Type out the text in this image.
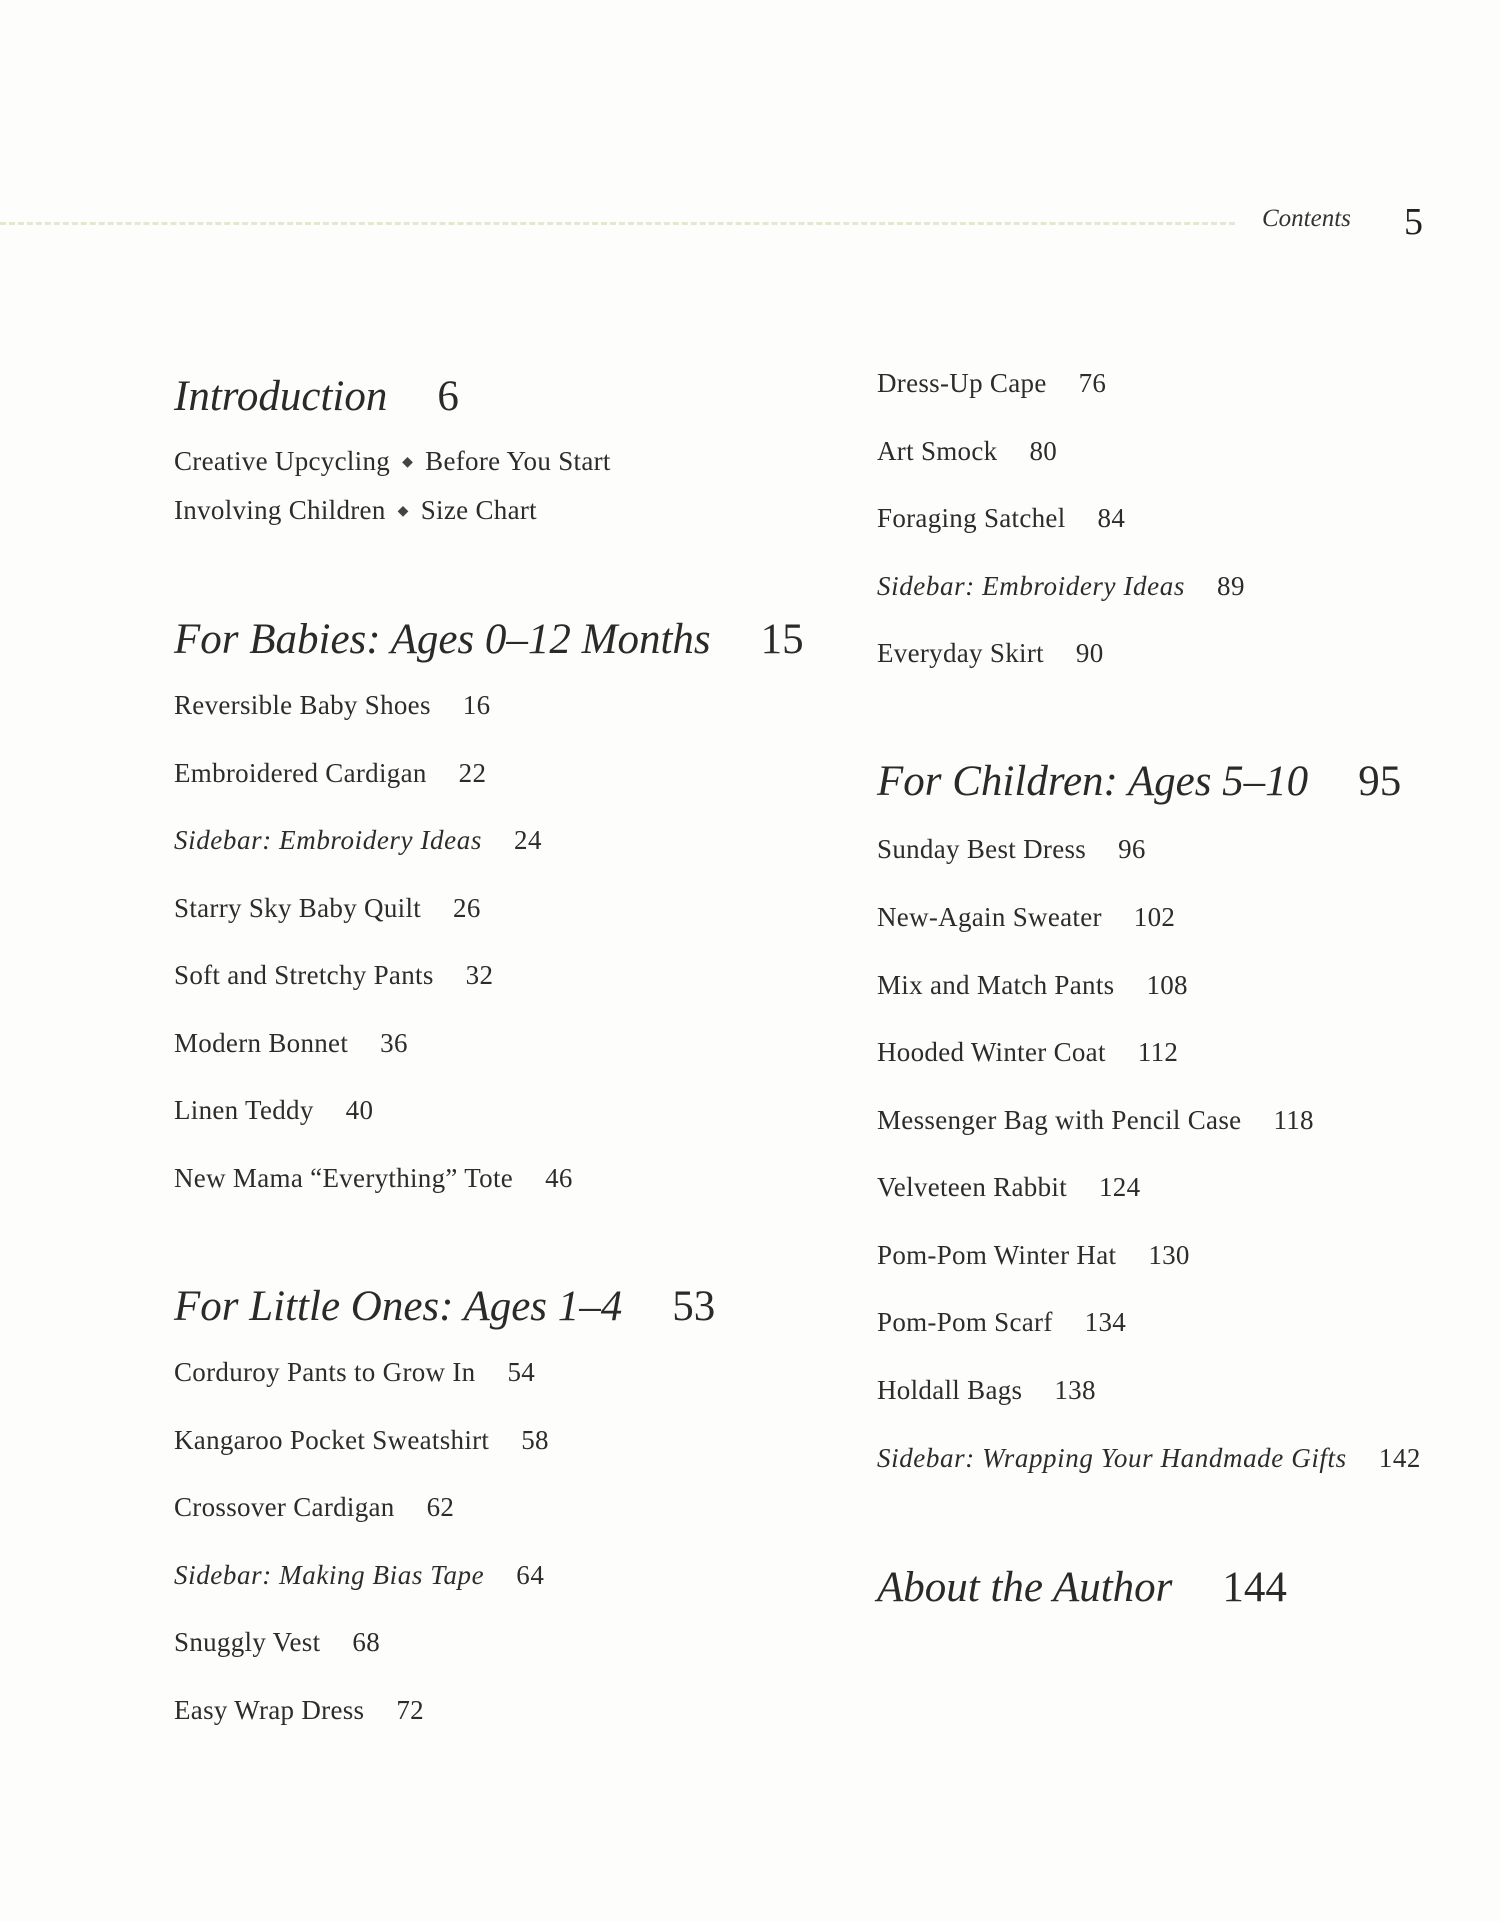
Contents 5
Introduction 6
Creative Upcycling ◆ Before You Start
Involving Children ◆ Size Chart
For Babies: Ages 0–12 Months 15
Reversible Baby Shoes 16
Embroidered Cardigan 22
Sidebar: Embroidery Ideas 24
Starry Sky Baby Quilt 26
Soft and Stretchy Pants 32
Modern Bonnet 36
Linen Teddy 40
New Mama “Everything” Tote 46
For Little Ones: Ages 1–4 53
Corduroy Pants to Grow In 54
Kangaroo Pocket Sweatshirt 58
Crossover Cardigan 62
Sidebar: Making Bias Tape 64
Snuggly Vest 68
Easy Wrap Dress 72
Dress-Up Cape 76
Art Smock 80
Foraging Satchel 84
Sidebar: Embroidery Ideas 89
Everyday Skirt 90
For Children: Ages 5–10 95
Sunday Best Dress 96
New-Again Sweater 102
Mix and Match Pants 108
Hooded Winter Coat 112
Messenger Bag with Pencil Case 118
Velveteen Rabbit 124
Pom-Pom Winter Hat 130
Pom-Pom Scarf 134
Holdall Bags 138
Sidebar: Wrapping Your Handmade Gifts 142
About the Author 144
